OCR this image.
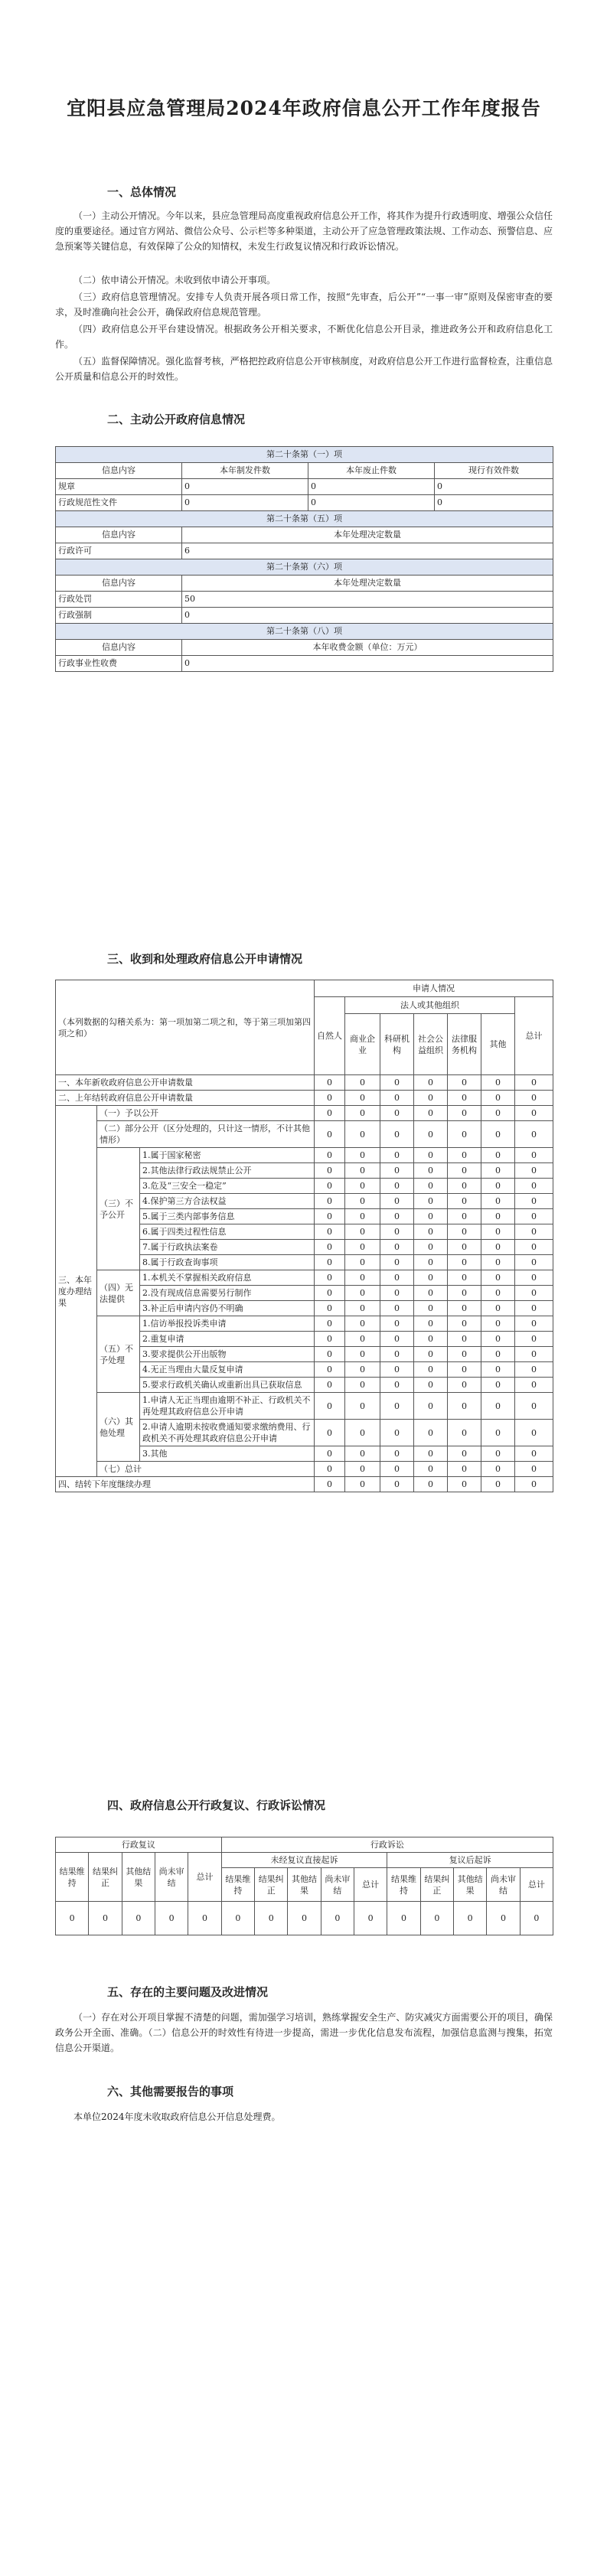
宜阳县应急管理局2024年政府信息公开工作年度报告
一、总体情况

（一）主动公开情况。今年以来，县应急管理局高度重视政府信息公开工作，将其作为提升行政透明度、增强公众信任度的重要途径。通过官方网站、微信公众号、公示栏等多种渠道，主动公开了应急管理政策法规、工作动态、预警信息、应急预案等关键信息，有效保障了公众的知情权，未发生行政复议情况和行政诉讼情况。

（二）依申请公开情况。未收到依申请公开事项。

（三）政府信息管理情况。安排专人负责开展各项日常工作，按照“先审查，后公开”“一事一审”原则及保密审查的要求，及时准确向社会公开，确保政府信息规范管理。

（四）政府信息公开平台建设情况。根据政务公开相关要求，不断优化信息公开目录，推进政务公开和政府信息化工作。

（五）监督保障情况。强化监督考核，严格把控政府信息公开审核制度，对政府信息公开工作进行监督检查，注重信息公开质量和信息公开的时效性。

二、主动公开政府信息情况
第二十条第（一）项			
信息内容	本年制发件数	本年废止件数	现行有效件数
规章	0	0	0
行政规范性文件	0	0	0
第二十条第（五）项			
信息内容	本年处理决定数量		
行政许可	6		
第二十条第（六）项			
信息内容	本年处理决定数量		
行政处罚	50		
行政强制	0		
第二十条第（八）项			
信息内容	本年收费金额（单位：万元）		
行政事业性收费	0		
三、收到和处理政府信息公开申请情况
（本列数据的勾稽关系为：第一项加第二项之和，等于第三项加第四项之和）			申请人情况						
			自然人	法人或其他组织					总计
				商业企业	科研机构	社会公益组织	法律服务机构	其他	
一、本年新收政府信息公开申请数量			0	0	0	0	0	0	0
二、上年结转政府信息公开申请数量			0	0	0	0	0	0	0
三、本年度办理结果	（一）予以公开		0	0	0	0	0	0	0
	（二）部分公开（区分处理的，只计这一情形，不计其他情形）		0	0	0	0	0	0	0
	（三）不予公开	1.属于国家秘密	0	0	0	0	0	0	0
		2.其他法律行政法规禁止公开	0	0	0	0	0	0	0
		3.危及“三安全一稳定”	0	0	0	0	0	0	0
		4.保护第三方合法权益	0	0	0	0	0	0	0
		5.属于三类内部事务信息	0	0	0	0	0	0	0
		6.属于四类过程性信息	0	0	0	0	0	0	0
		7.属于行政执法案卷	0	0	0	0	0	0	0
		8.属于行政查询事项	0	0	0	0	0	0	0
	（四）无法提供	1.本机关不掌握相关政府信息	0	0	0	0	0	0	0
		2.没有现成信息需要另行制作	0	0	0	0	0	0	0
		3.补正后申请内容仍不明确	0	0	0	0	0	0	0
	（五）不予处理	1.信访举报投诉类申请	0	0	0	0	0	0	0
		2.重复申请	0	0	0	0	0	0	0
		3.要求提供公开出版物	0	0	0	0	0	0	0
		4.无正当理由大量反复申请	0	0	0	0	0	0	0
		5.要求行政机关确认或重新出具已获取信息	0	0	0	0	0	0	0
	（六）其他处理	1.申请人无正当理由逾期不补正、行政机关不再处理其政府信息公开申请	0	0	0	0	0	0	0
		2.申请人逾期未按收费通知要求缴纳费用、行政机关不再处理其政府信息公开申请	0	0	0	0	0	0	0
		3.其他	0	0	0	0	0	0	0
	（七）总计		0	0	0	0	0	0	0
四、结转下年度继续办理			0	0	0	0	0	0	0
四、政府信息公开行政复议、行政诉讼情况
行政复议					行政诉讼									
结果维持	结果纠正	其他结果	尚未审结	总计	未经复议直接起诉					复议后起诉				
					结果维持	结果纠正	其他结果	尚未审结	总计	结果维持	结果纠正	其他结果	尚未审结	总计
0	0	0	0	0	0	0	0	0	0	0	0	0	0	0
五、存在的主要问题及改进情况

（一）存在对公开项目掌握不清楚的问题，需加强学习培训，熟练掌握安全生产、防灾减灾方面需要公开的项目，确保政务公开全面、准确。（二）信息公开的时效性有待进一步提高，需进一步优化信息发布流程，加强信息监测与搜集，拓宽信息公开渠道。

六、其他需要报告的事项

本单位2024年度未收取政府信息公开信息处理费。
